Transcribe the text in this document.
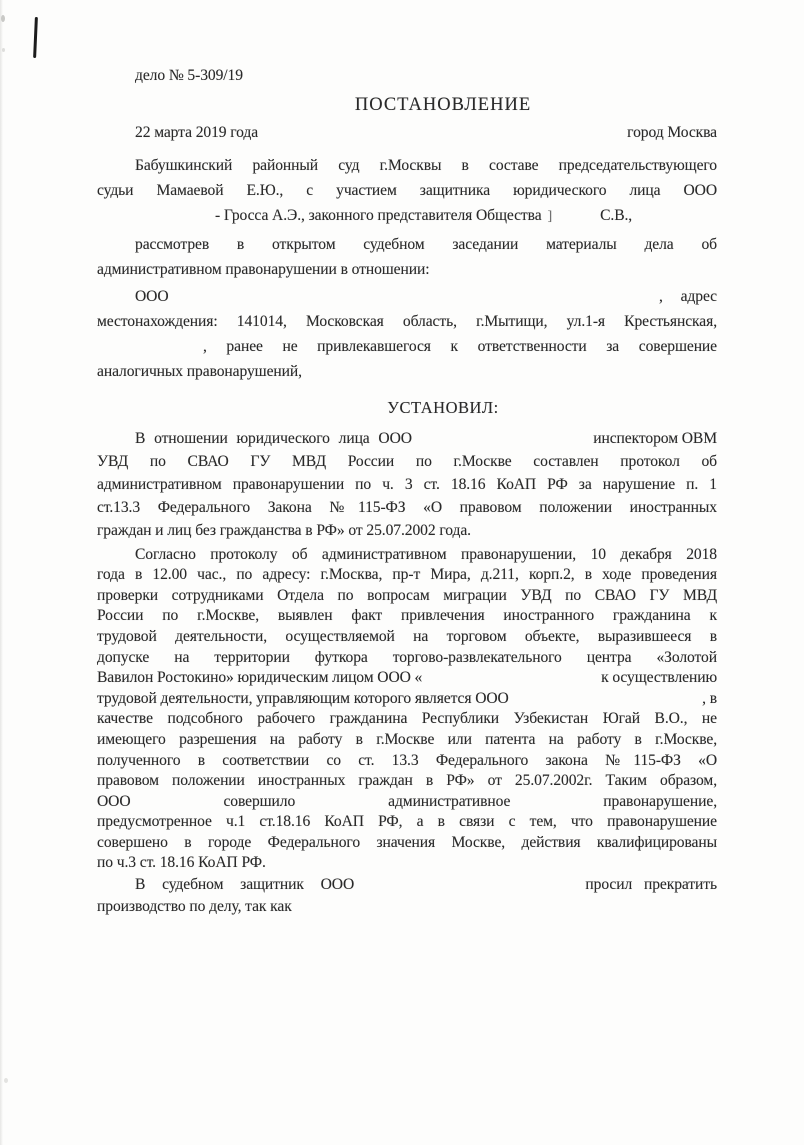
дело № 5-309/19
ПОСТАНОВЛЕНИЕ
22 марта 2019 года	город Москва
Бабушкинский районный суд г.Москвы в составе председательствующего
судьи Мамаевой Е.Ю., с участием защитника юридического лица ООО
- Гросса А.Э., законного представителя Общества ]	С.В.,
рассмотрев в открытом судебном заседании материалы дела об
административном правонарушении в отношении:
ООО	, адрес
местонахождения: 141014, Московская область, г.Мытищи, ул.1-я Крестьянская,
, ранее не привлекавшегося к ответственности за совершение
аналогичных правонарушений,
УСТАНОВИЛ:
В отношении юридического лица ООО	инспектором ОВМ
УВД по СВАО ГУ МВД России по г.Москве составлен протокол об
административном правонарушении по ч. 3 ст. 18.16 КоАП РФ за нарушение п. 1
ст.13.3 Федерального Закона №115-ФЗ «О правовом положении иностранных
граждан и лиц без гражданства в РФ» от 25.07.2002 года.
Согласно протоколу об административном правонарушении, 10 декабря 2018
года в 12.00 час., по адресу: г.Москва, пр-т Мира, д.211, корп.2, в ходе проведения
проверки сотрудниками Отдела по вопросам миграции УВД по СВАО ГУ МВД
России по г.Москве, выявлен факт привлечения иностранного гражданина к
трудовой деятельности, осуществляемой на торговом объекте, выразившееся в
допуске на территории футкора торгово-развлекательного центра «Золотой
Вавилон Ростокино» юридическим лицом ООО «	к осуществлению
трудовой деятельности, управляющим которого является ООО	, в
качестве подсобного рабочего гражданина Республики Узбекистан Югай В.О., не
имеющего разрешения на работу в г.Москве или патента на работу в г.Москве,
полученного в соответствии со ст. 13.3 Федерального закона №115-ФЗ «О
правовом положении иностранных граждан в РФ» от 25.07.2002г. Таким образом,
ООО	совершило	административное	правонарушение,
предусмотренное ч.1 ст.18.16 КоАП РФ, а в связи с тем, что правонарушение
совершено в городе Федерального значения Москве, действия квалифицированы
по ч.3 ст. 18.16 КоАП РФ.
В судебном защитник ООО	просил прекратить
производство по делу, так как
